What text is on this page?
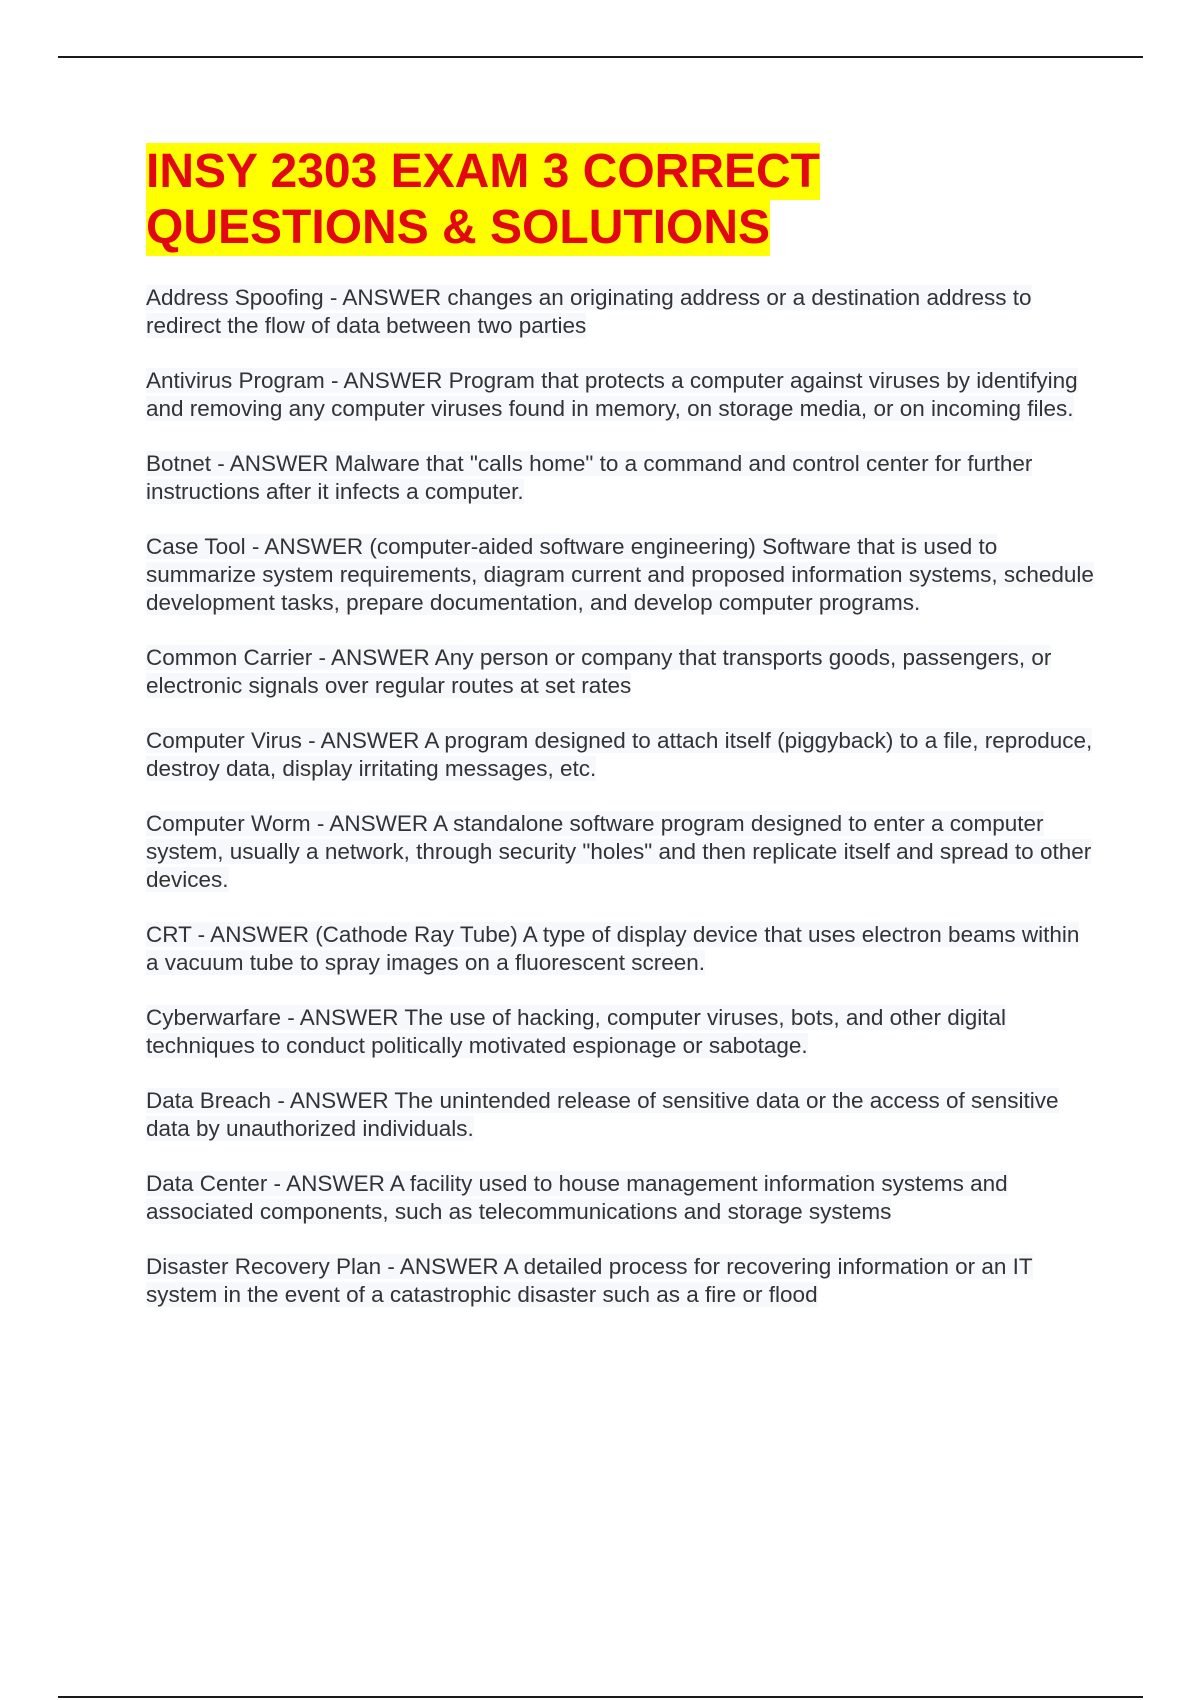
INSY 2303 EXAM 3 CORRECT
QUESTIONS & SOLUTIONS
Address Spoofing - ANSWER changes an originating address or a destination address to redirect the flow of data between two parties
Antivirus Program - ANSWER Program that protects a computer against viruses by identifying and removing any computer viruses found in memory, on storage media, or on incoming files.
Botnet - ANSWER Malware that "calls home" to a command and control center for further instructions after it infects a computer.
Case Tool - ANSWER (computer-aided software engineering) Software that is used to summarize system requirements, diagram current and proposed information systems, schedule development tasks, prepare documentation, and develop computer programs.
Common Carrier - ANSWER Any person or company that transports goods, passengers, or electronic signals over regular routes at set rates
Computer Virus - ANSWER A program designed to attach itself (piggyback) to a file, reproduce, destroy data, display irritating messages, etc.
Computer Worm - ANSWER A standalone software program designed to enter a computer system, usually a network, through security "holes" and then replicate itself and spread to other devices.
CRT - ANSWER (Cathode Ray Tube) A type of display device that uses electron beams within a vacuum tube to spray images on a fluorescent screen.
Cyberwarfare - ANSWER The use of hacking, computer viruses, bots, and other digital techniques to conduct politically motivated espionage or sabotage.
Data Breach - ANSWER The unintended release of sensitive data or the access of sensitive data by unauthorized individuals.
Data Center - ANSWER A facility used to house management information systems and associated components, such as telecommunications and storage systems
Disaster Recovery Plan - ANSWER A detailed process for recovering information or an IT system in the event of a catastrophic disaster such as a fire or flood
